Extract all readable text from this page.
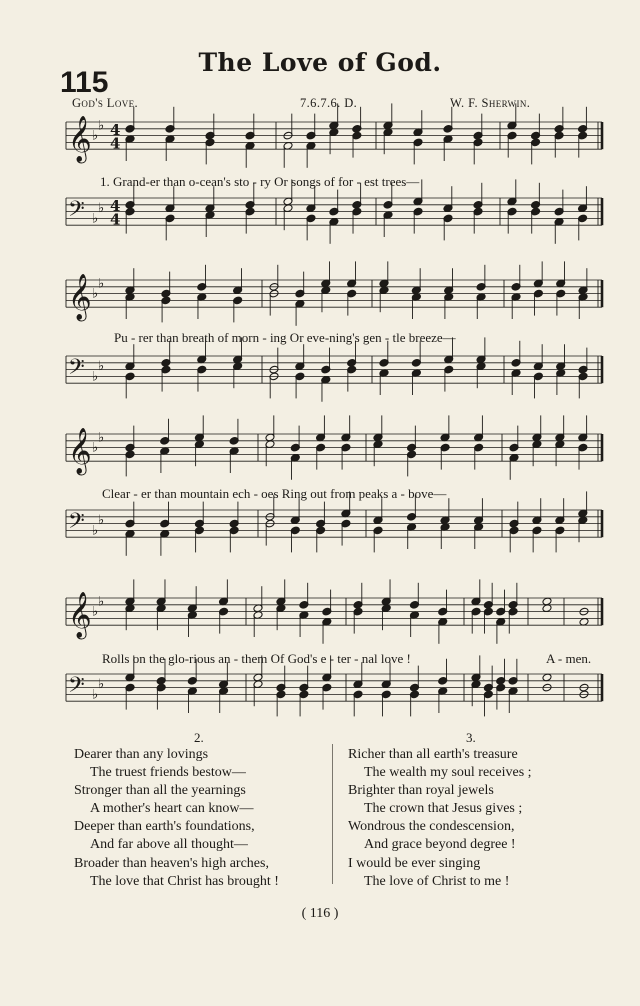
The Love of God.
115
God's Love.	7.6.7.6. D.	W. F. Sherwin.
𝄞 ♭
♭ 4
4
𝄢 ♭
♭ 4
4
𝄞 ♭
♭
𝄢 ♭
♭
𝄞 ♭
♭
𝄢 ♭
♭
𝄞 ♭
♭
𝄢 ♭
♭
1. Grand-er than o-cean's sto - ry Or songs of for - est trees—
Pu - rer than breath of morn - ing Or eve-ning's gen - tle breeze—
Clear - er than mountain ech - oes Ring out from peaks a - bove—
Rolls on the glo-rious an - them Of God's e - ter - nal love !	A - men.
2.	3.
Dearer than any lovings
The truest friends bestow—
Stronger than all the yearnings
A mother's heart can know—
Deeper than earth's foundations,
And far above all thought—
Broader than heaven's high arches,
The love that Christ has brought !
Richer than all earth's treasure
The wealth my soul receives ;
Brighter than royal jewels
The crown that Jesus gives ;
Wondrous the condescension,
And grace beyond degree !
I would be ever singing
The love of Christ to me !
( 116 )
